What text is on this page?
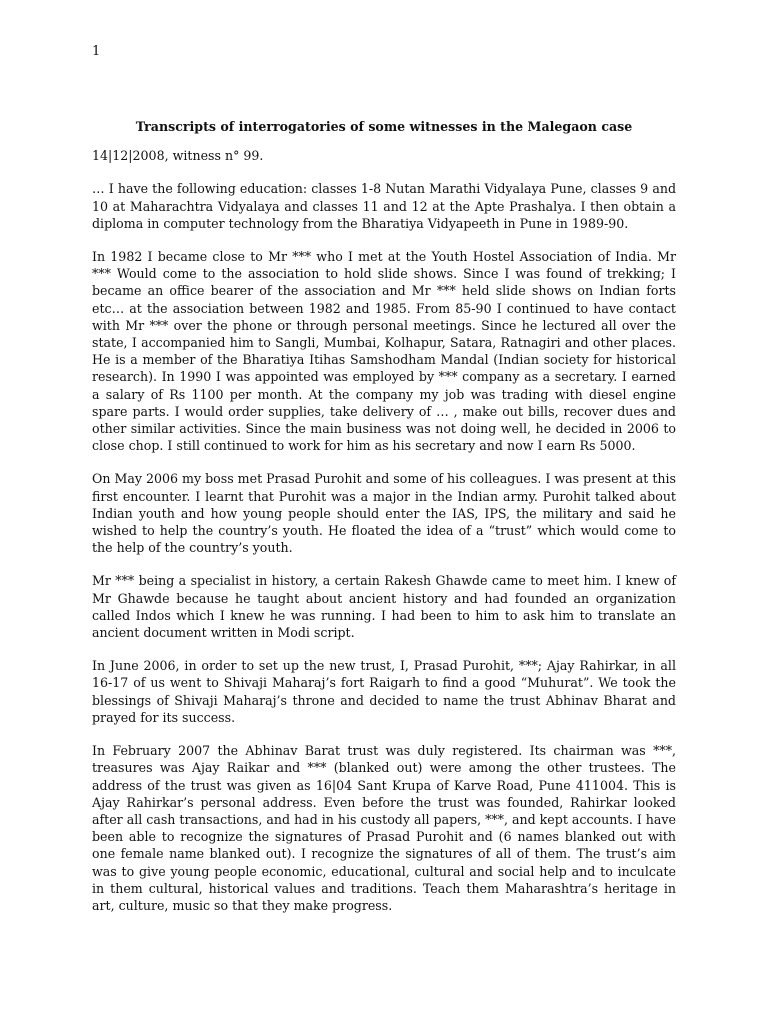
1
Transcripts of interrogatories of some witnesses in the Malegaon case
14|12|2008, witness n° 99.

… I have the following education: classes 1-8 Nutan Marathi Vidyalaya Pune, classes 9 and 10 at Maharachtra Vidyalaya and classes 11 and 12 at the Apte Prashalya. I then obtain a diploma in computer technology from the Bharatiya Vidyapeeth in Pune in 1989-90.

In 1982 I became close to Mr *** who I met at the Youth Hostel Association of India. Mr *** Would come to the association to hold slide shows. Since I was found of trekking; I became an office bearer of the association and Mr *** held slide shows on Indian forts etc… at the association between 1982 and 1985. From 85-90 I continued to have contact with Mr *** over the phone or through personal meetings. Since he lectured all over the state, I accompanied him to Sangli, Mumbai, Kolhapur, Satara, Ratnagiri and other places. He is a member of the Bharatiya Itihas Samshodham Mandal (Indian society for historical research). In 1990 I was appointed was employed by *** company as a secretary. I earned a salary of Rs 1100 per month. At the company my job was trading with diesel engine spare parts. I would order supplies, take delivery of … , make out bills, recover dues and other similar activities. Since the main business was not doing well, he decided in 2006 to close chop. I still continued to work for him as his secretary and now I earn Rs 5000.

On May 2006 my boss met Prasad Purohit and some of his colleagues. I was present at this first encounter. I learnt that Purohit was a major in the Indian army. Purohit talked about Indian youth and how young people should enter the IAS, IPS, the military and said he wished to help the country’s youth. He floated the idea of a “trust” which would come to the help of the country’s youth.

Mr *** being a specialist in history, a certain Rakesh Ghawde came to meet him. I knew of Mr Ghawde because he taught about ancient history and had founded an organization called Indos which I knew he was running. I had been to him to ask him to translate an ancient document written in Modi script.

In June 2006, in order to set up the new trust, I, Prasad Purohit, ***; Ajay Rahirkar, in all 16-17 of us went to Shivaji Maharaj’s fort Raigarh to find a good “Muhurat”. We took the blessings of Shivaji Maharaj’s throne and decided to name the trust Abhinav Bharat and prayed for its success.

In February 2007 the Abhinav Barat trust was duly registered. Its chairman was ***, treasures was Ajay Raikar and *** (blanked out) were among the other trustees. The address of the trust was given as 16|04 Sant Krupa of Karve Road, Pune 411004. This is Ajay Rahirkar’s personal address. Even before the trust was founded, Rahirkar looked after all cash transactions, and had in his custody all papers, ***, and kept accounts. I have been able to recognize the signatures of Prasad Purohit and (6 names blanked out with one female name blanked out). I recognize the signatures of all of them. The trust’s aim was to give young people economic, educational, cultural and social help and to inculcate in them cultural, historical values and traditions. Teach them Maharashtra’s heritage in art, culture, music so that they make progress.
